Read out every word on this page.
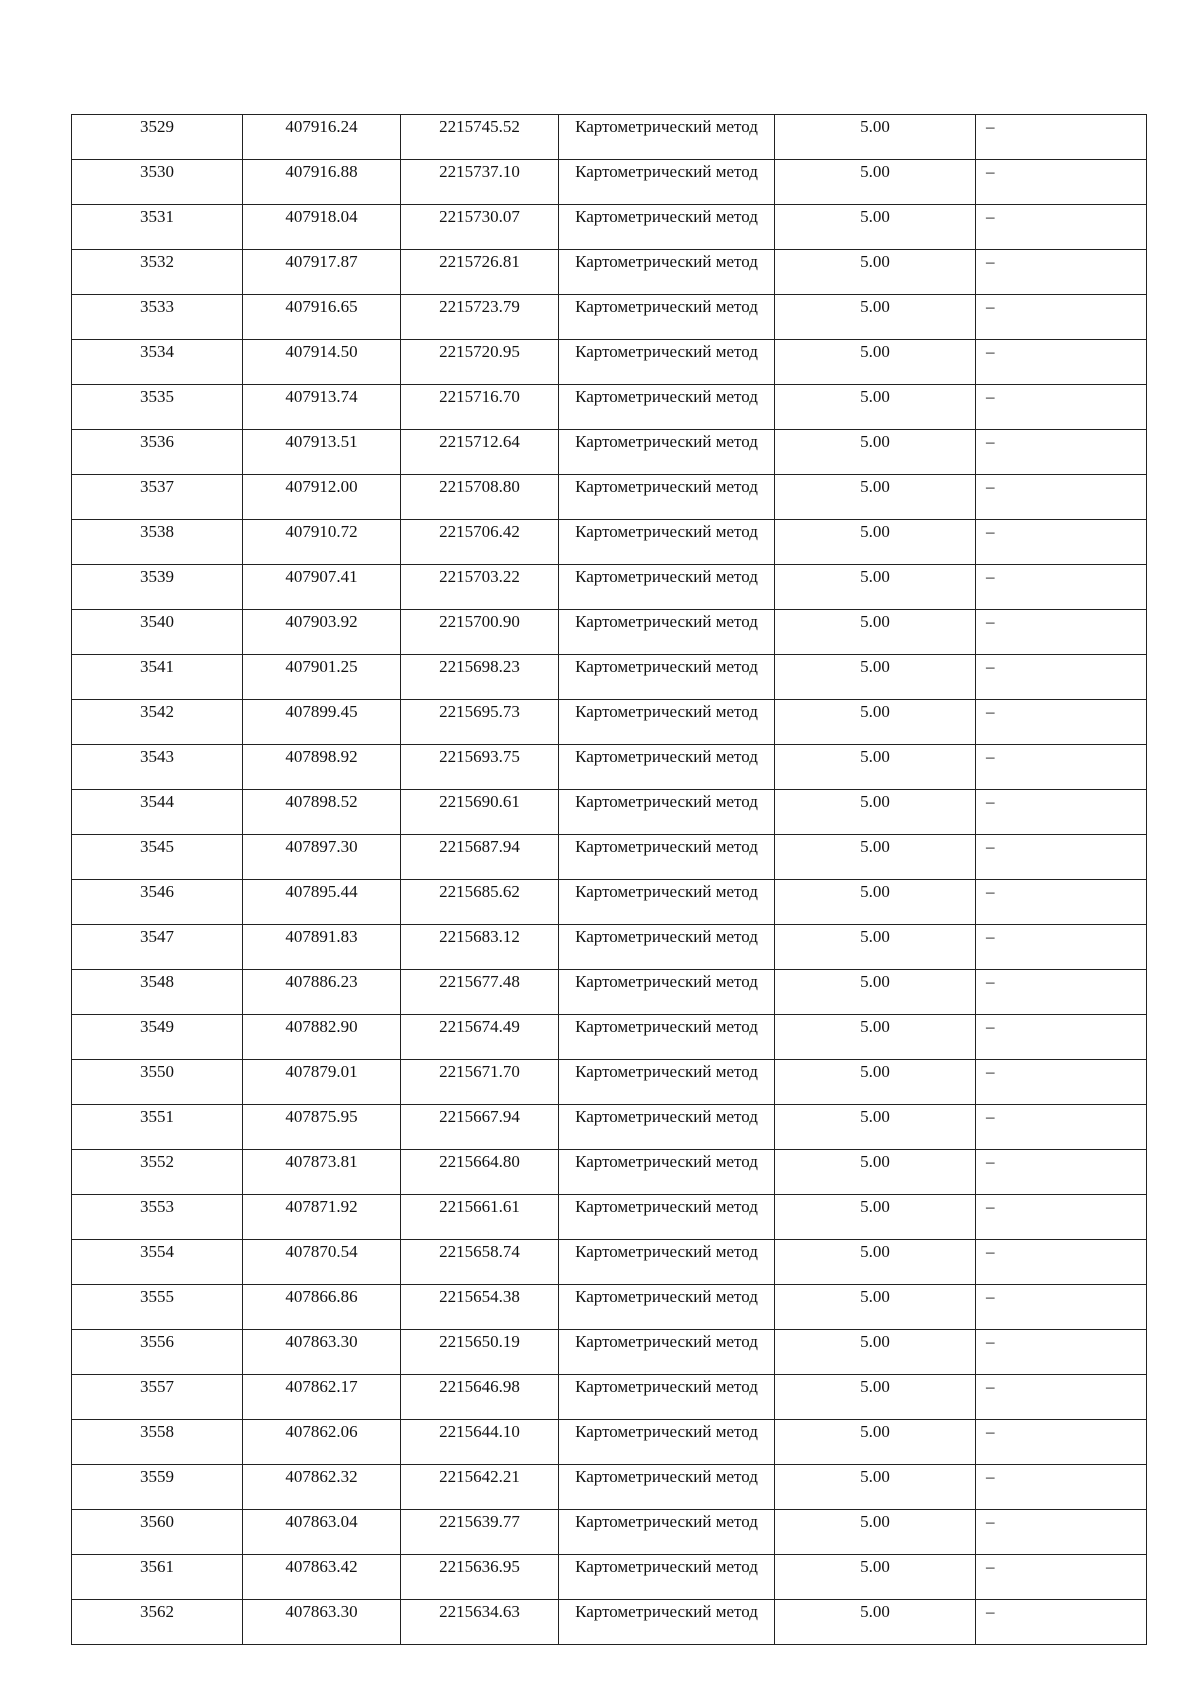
3529	407916.24	2215745.52	Картометрический метод	5.00	–
3530	407916.88	2215737.10	Картометрический метод	5.00	–
3531	407918.04	2215730.07	Картометрический метод	5.00	–
3532	407917.87	2215726.81	Картометрический метод	5.00	–
3533	407916.65	2215723.79	Картометрический метод	5.00	–
3534	407914.50	2215720.95	Картометрический метод	5.00	–
3535	407913.74	2215716.70	Картометрический метод	5.00	–
3536	407913.51	2215712.64	Картометрический метод	5.00	–
3537	407912.00	2215708.80	Картометрический метод	5.00	–
3538	407910.72	2215706.42	Картометрический метод	5.00	–
3539	407907.41	2215703.22	Картометрический метод	5.00	–
3540	407903.92	2215700.90	Картометрический метод	5.00	–
3541	407901.25	2215698.23	Картометрический метод	5.00	–
3542	407899.45	2215695.73	Картометрический метод	5.00	–
3543	407898.92	2215693.75	Картометрический метод	5.00	–
3544	407898.52	2215690.61	Картометрический метод	5.00	–
3545	407897.30	2215687.94	Картометрический метод	5.00	–
3546	407895.44	2215685.62	Картометрический метод	5.00	–
3547	407891.83	2215683.12	Картометрический метод	5.00	–
3548	407886.23	2215677.48	Картометрический метод	5.00	–
3549	407882.90	2215674.49	Картометрический метод	5.00	–
3550	407879.01	2215671.70	Картометрический метод	5.00	–
3551	407875.95	2215667.94	Картометрический метод	5.00	–
3552	407873.81	2215664.80	Картометрический метод	5.00	–
3553	407871.92	2215661.61	Картометрический метод	5.00	–
3554	407870.54	2215658.74	Картометрический метод	5.00	–
3555	407866.86	2215654.38	Картометрический метод	5.00	–
3556	407863.30	2215650.19	Картометрический метод	5.00	–
3557	407862.17	2215646.98	Картометрический метод	5.00	–
3558	407862.06	2215644.10	Картометрический метод	5.00	–
3559	407862.32	2215642.21	Картометрический метод	5.00	–
3560	407863.04	2215639.77	Картометрический метод	5.00	–
3561	407863.42	2215636.95	Картометрический метод	5.00	–
3562	407863.30	2215634.63	Картометрический метод	5.00	–
